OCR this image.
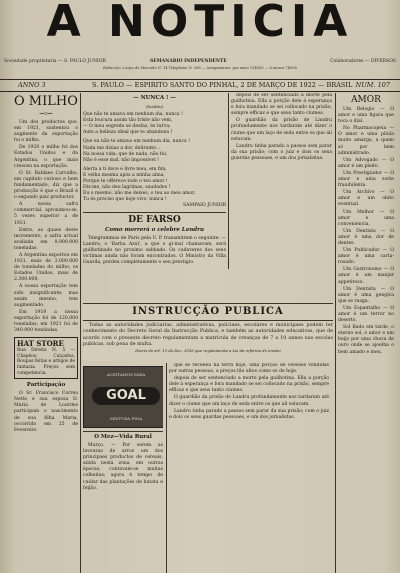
A NOTICIA
Sociedade proprietaria — S. PAULO JUNIOR	SEMANARIO INDEPENDENTE	Colaboradores — DIVERSOS
Redacção: Largo do Mercado N. 14 Telephone N. 308 — Assignaturas: por anno 12$000 — 6 mezes 7$000
ANNO 3	S. PAULO — ESPIRITO SANTO DO PINHAL, 2 DE MARÇO DE 1922 — BRASIL NUM. 107
O MILHO
—:—

Um dos productos que, em 1921, sustentou o augmento da exportação foi o milho.

De 1920 o milho foi dos Estados Unidos e da Argentina, o que mais cresceu na exportação.

O Sr. Baldaes Carvalho, em capitulo curioso e bem fundamentado, diz que a producção é que o Brazil é o segundo paiz productor.

A nossa safra commercial, aproximou-se, 5 vezes superior a de 1921.

Entre, as quaes deste incremento, a safra actual avaliada em 8.900.000 toneladas.

A Argentina exportou em 1921, mais de 3.000.000 de toneladas do milho; os Estados Unidos, mais de 2.300.000.

A nossa exportação tem sido insignificante; mas assim mesmo, tem augmentado.

Em 1919 a nossa exportação foi de 120.000 toneladas; em 1921 foi de 340.000 toneladas.

HAT STORE
Rua Direita N. 5 — Chapéos, Calçados, Roupas feitas e artigos de fantasia. Preços sem competencia.
Participação

O Sr. Francisco Correa Netto e sua esposa D. Maria de Lourdes participam o nascimento de sua filha Maria, occorrido em 25 de Fevereiro.

— NUNCA ! —
(Inédito)
Que não te amava em nenhum dia, nunca !
Esta loucura assim tão triste não vem,
— O meu segredo se desfaz, és turva;
Aute a belleza ideal que te abandona !
Que eu não te amava em nenhum dia, nunca !
Nada me dizias a dor, delirante...
Na nossa vida, que de nada, não foi,
Não é esse mal, não impossivel !
Alerta a ti doce e livre meu, em fim,
E velha mesma após a minha alma,
Porque te offerece todo o teu amor !
Diz-me, não deu lagrimas, saudades !
Eu o mesmo, não me deixes, o teu ao meu amor,
Tu és preciso que hoje vivo, nunca !
SAMPAIO JUNIOR
DE FARSO
Como morrerá o celebre Landru

Telegrammas de Paris pela U. P. transmittem o seguinte: — Landru, o 'Barba Azul', a que o gi-mal chamavam, será guilhotinado no proximo sabbado. Os cadaveres dos seus victimas ainda não foram encontrados. O Ministro da Villa Guarda, perdeu completamente o seu prestigio.

depois de ser sentenciado a morte pela guilhotina. Ella a porção dele á esperança e fora mandado se sei collocado na prisão, sempre efficaz e que seus tanto ciumes.

O guardião da prisão de Landru profundamente nos tardaram até dizer o ciume que um laço de seda entre os que ali estavam.

Landru tinha parado a passos sem parar da sua prisão; com o juiz e dois os seus guardas pessoaes, e um dos jornalistas.

INSTRUCÇÃO PUBLICA

Todas as autoridades judiciarias, administrativas, policiaes, escolares e municipaes podem ter conhecimento do Decreto Geral da Instrucção Publica, e também as autoridades educativas, que de acordo com o presente decreto regulamentam a matricula de creanças de 7 a 10 annos nas escolas publicas, sob pena de multa.

Diario do art. 15 do Dec. 3356 que regulamenta a Lei da reforma do ensino
ACEITAMOS PARA
GOAL
MISTURA FINA
O Mez—Vida Rural

Março. — Por serem as lavouras de arroz um dos principaes productos de cereais, ainda nesta zona, em outras épocas, contavam-se muitas colheitas; agora é tempo de cuidar das plantações de batata e feijão.

que se recebeu na terra hoje, uma porção de cereaes vendidas por outras pessoas, a preços tão altos como os de hoje.

depois de ser sentenciado a morte pela guilhotina. Ella a porção dele á esperança e fora mandado se sei collocado na prisão, sempre efficaz e que seus tanto ciumes.

O guardião da prisão de Landru profundamente nos tardaram até dizer o ciume que um laço de seda entre os que ali estavam.

Landru tinha parado a passos sem parar da sua prisão; com o juiz e dois os seus guardas pessoaes, e um dos jornalistas.

AMOR

Um Relogio — O amor e uma figura que toca o dial.

No Pharmacopeia — O amor e uma pilula muito amarga, a quem só por bem administrado.

Um Advogado — O amor é um pleito.

Um Prestigiador — O amor e uma sorte fraudulenta.

Um Archivo — O amor e um obito eventual.

Um Melhor — O amor e uma conveniencia.

Um Dentista — O amor é uma dor de dentes.

Um Publicador — O amor é uma carta-rosado.

Um Gastronomo — O amor é um manjar appetitoso.

Um Dentista — O amor é uma gengiva que se rasga.

Um Espantalho — O amor é um terror no deserto.

Sol Bado em tarde, o eterno sol, o amor e um beijo por uma chuva de ouro onde se ajoelha o bem amado e meu.
